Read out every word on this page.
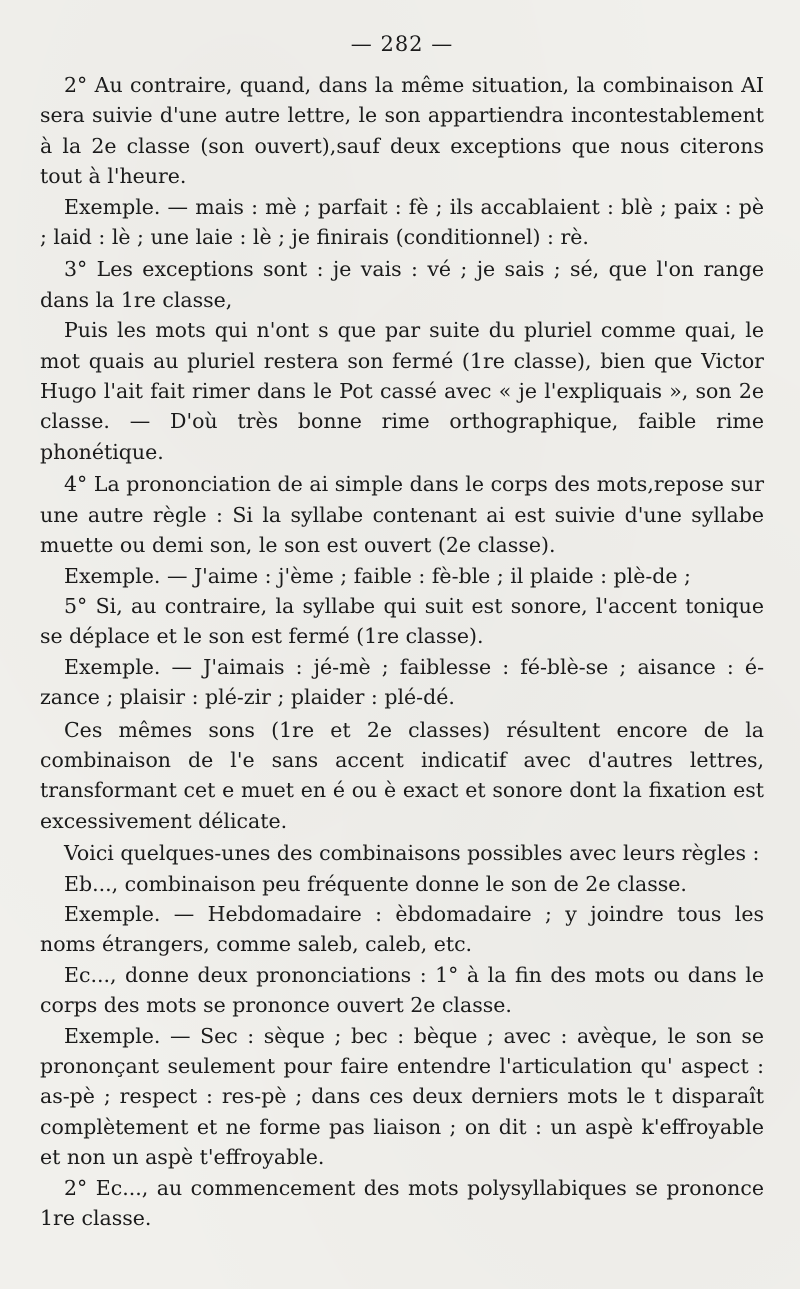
— 282 —

2° Au contraire, quand, dans la même situation, la combinaison AI sera suivie d'une autre lettre, le son appartiendra incontestablement à la 2e classe (son ouvert),sauf deux exceptions que nous citerons tout à l'heure.

Exemple. — mais : mè ; parfait : fè ; ils accablaient : blè ; paix : pè ; laid : lè ; une laie : lè ; je finirais (conditionnel) : rè.

3° Les exceptions sont : je vais : vé ; je sais ; sé, que l'on range dans la 1re classe,

Puis les mots qui n'ont s que par suite du pluriel comme quai, le mot quais au pluriel restera son fermé (1re classe), bien que Victor Hugo l'ait fait rimer dans le Pot cassé avec « je l'expliquais », son 2e classe. — D'où très bonne rime orthographique, faible rime phonétique.

4° La prononciation de ai simple dans le corps des mots,repose sur une autre règle : Si la syllabe contenant ai est suivie d'une syllabe muette ou demi son, le son est ouvert (2e classe).

Exemple. — J'aime : j'ème ; faible : fè-ble ; il plaide : plè-de ;

5° Si, au contraire, la syllabe qui suit est sonore, l'accent tonique se déplace et le son est fermé (1re classe).

Exemple. — J'aimais : jé-mè ; faiblesse : fé-blè-se ; aisance : é-zance ; plaisir : plé-zir ; plaider : plé-dé.

Ces mêmes sons (1re et 2e classes) résultent encore de la combinaison de l'e sans accent indicatif avec d'autres lettres, transformant cet e muet en é ou è exact et sonore dont la fixation est excessivement délicate.

Voici quelques-unes des combinaisons possibles avec leurs règles :

Eb..., combinaison peu fréquente donne le son de 2e classe.

Exemple. — Hebdomadaire : èbdomadaire ; y joindre tous les noms étrangers, comme saleb, caleb, etc.

Ec..., donne deux prononciations : 1° à la fin des mots ou dans le corps des mots se prononce ouvert 2e classe.

Exemple. — Sec : sèque ; bec : bèque ; avec : avèque, le son se prononçant seulement pour faire entendre l'articulation qu' aspect : as-pè ; respect : res-pè ; dans ces deux derniers mots le t disparaît complètement et ne forme pas liaison ; on dit : un aspè k'effroyable et non un aspè t'effroyable.

2° Ec..., au commencement des mots polysyllabiques se prononce 1re classe.
